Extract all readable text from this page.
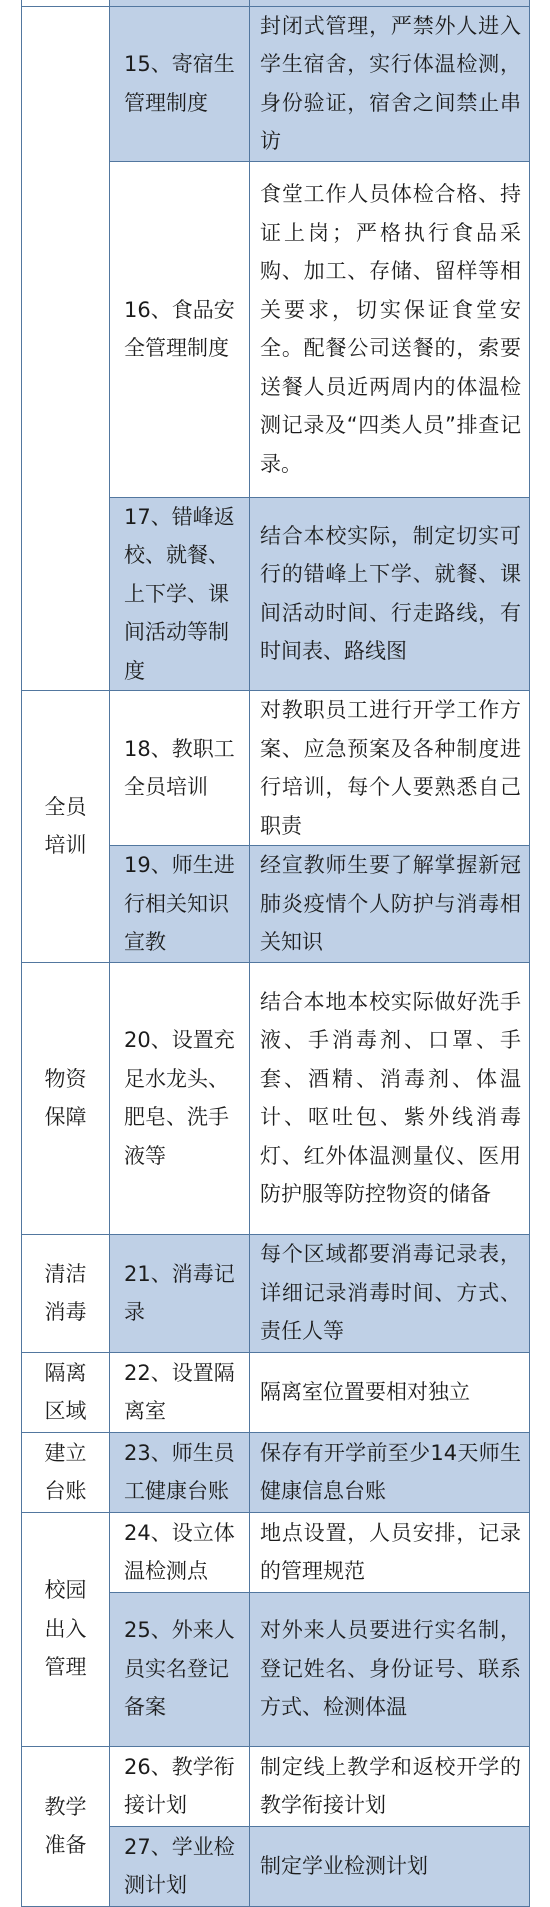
	15、寄宿生管理制度	封闭式管理，严禁外人进入学生宿舍，实行体温检测，身份验证，宿舍之间禁止串访
	16、食品安全管理制度	食堂工作人员体检合格、持证上岗；严格执行食品采购、加工、存储、留样等相关要求，切实保证食堂安全。配餐公司送餐的，索要送餐人员近两周内的体温检测记录及“四类人员”排查记录。
	17、错峰返校、就餐、上下学、课间活动等制度	结合本校实际，制定切实可行的错峰上下学、就餐、课间活动时间、行走路线，有时间表、路线图
全员培训	18、教职工全员培训	对教职员工进行开学工作方案、应急预案及各种制度进行培训，每个人要熟悉自己职责
	19、师生进行相关知识宣教	经宣教师生要了解掌握新冠肺炎疫情个人防护与消毒相关知识
物资保障	20、设置充足水龙头、肥皂、洗手液等	结合本地本校实际做好洗手液、手消毒剂、口罩、手套、酒精、消毒剂、体温计、呕吐包、紫外线消毒灯、红外体温测量仪、医用防护服等防控物资的储备
清洁消毒	21、消毒记录	每个区域都要消毒记录表，详细记录消毒时间、方式、责任人等
隔离区域	22、设置隔离室	隔离室位置要相对独立
建立台账	23、师生员工健康台账	保存有开学前至少14天师生健康信息台账
校园出入管理	24、设立体温检测点	地点设置，人员安排，记录的管理规范
	25、外来人员实名登记备案	对外来人员要进行实名制，登记姓名、身份证号、联系方式、检测体温
教学准备	26、教学衔接计划	制定线上教学和返校开学的教学衔接计划
	27、学业检测计划	制定学业检测计划
